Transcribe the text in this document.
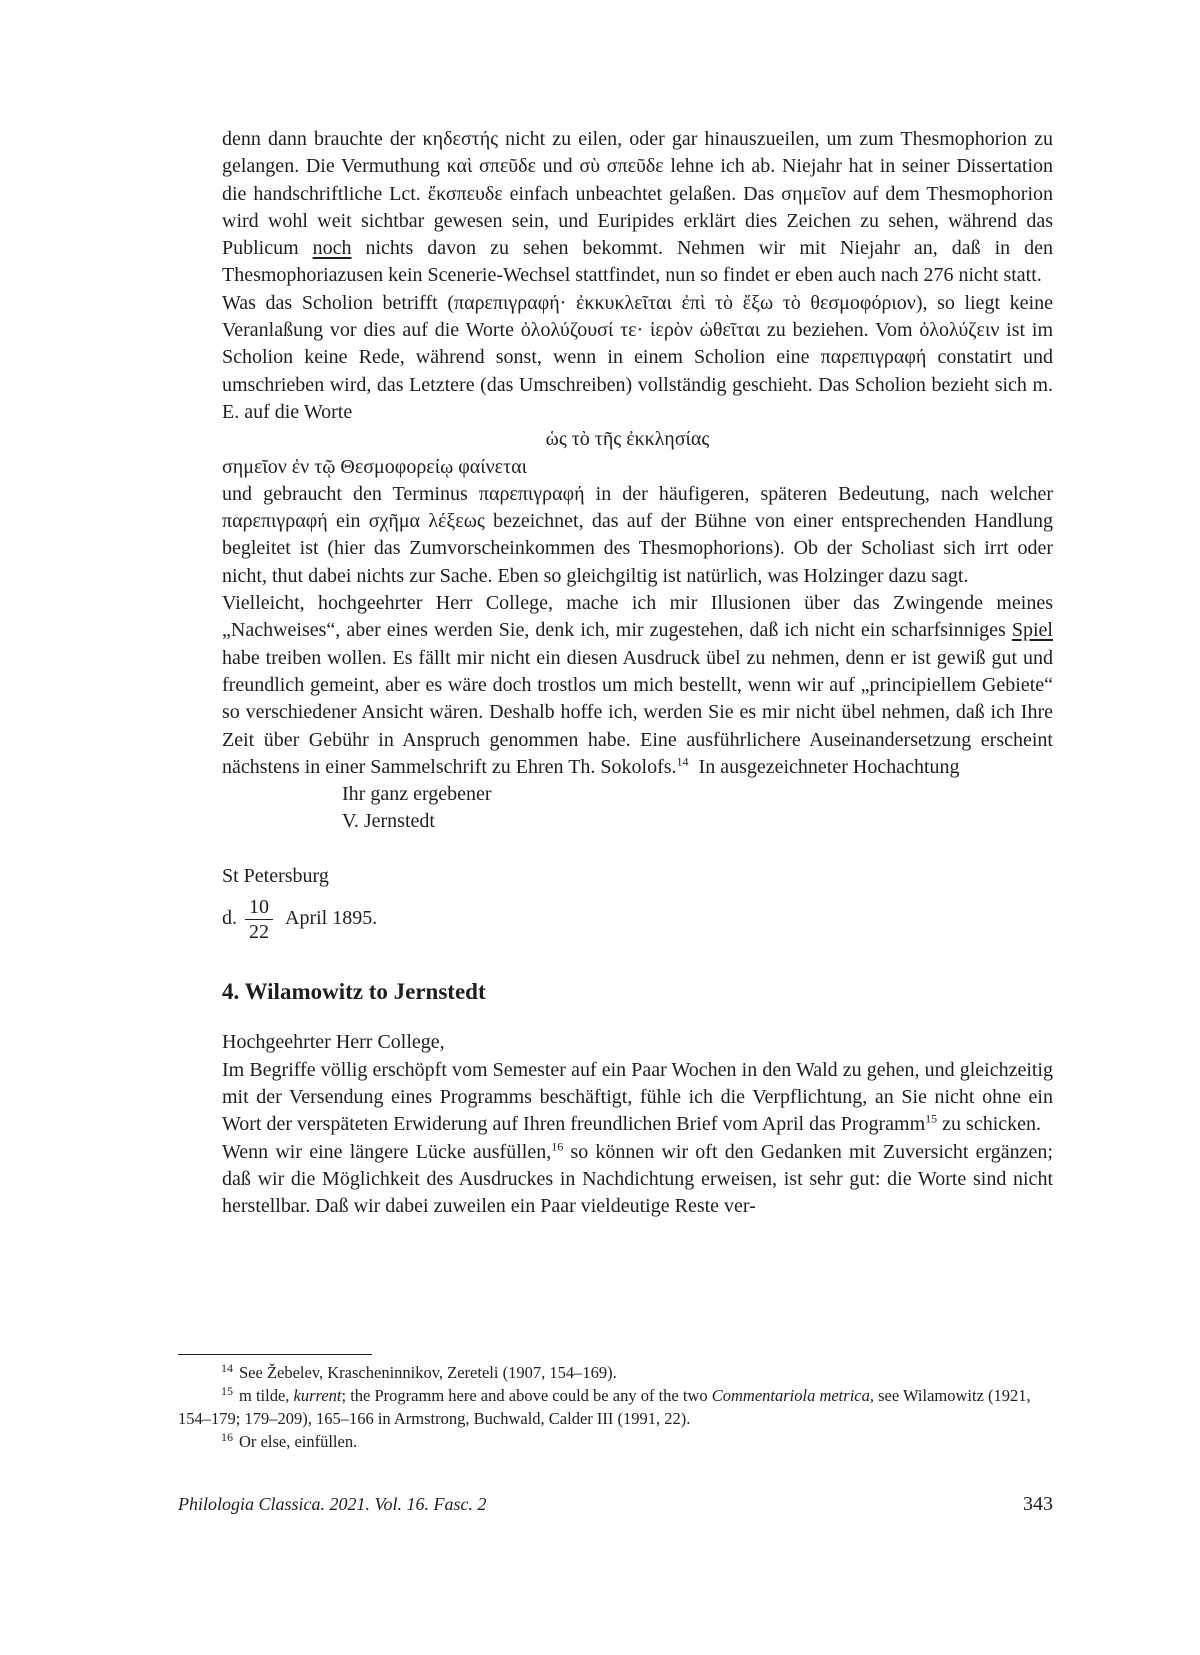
denn dann brauchte der κηδεστής nicht zu eilen, oder gar hinauszueilen, um zum Thesmophorion zu gelangen. Die Vermuthung καὶ σπεῦδε und σὺ σπεῦδε lehne ich ab. Niejahr hat in seiner Dissertation die handschriftliche Lct. ἔκσπευδε einfach unbeachtet gelaßen. Das σημεῖον auf dem Thesmophorion wird wohl weit sichtbar gewesen sein, und Euripides erklärt dies Zeichen zu sehen, während das Publicum noch nichts davon zu sehen bekommt. Nehmen wir mit Niejahr an, daß in den Thesmophoriazusen kein Scenerie-Wechsel stattfindet, nun so findet er eben auch nach 276 nicht statt.

Was das Scholion betrifft (παρεπιγραφή· ἐκκυκλεῖται ἐπὶ τὸ ἔξω τὸ θεσμοφόριον), so liegt keine Veranlaßung vor dies auf die Worte ὀλολύζουσί τε· ἱερὸν ὠθεῖται zu beziehen. Vom ὀλολύζειν ist im Scholion keine Rede, während sonst, wenn in einem Scholion eine παρεπιγραφή constatirt und umschrieben wird, das Letztere (das Umschreiben) vollständig geschieht. Das Scholion bezieht sich m. E. auf die Worte

ὡς τὸ τῆς ἐκκλησίας

σημεῖον ἐν τῷ Θεσμοφορείῳ φαίνεται

und gebraucht den Terminus παρεπιγραφή in der häufigeren, späteren Bedeutung, nach welcher παρεπιγραφή ein σχῆμα λέξεως bezeichnet, das auf der Bühne von einer entsprechenden Handlung begleitet ist (hier das Zumvorscheinkommen des Thesmophorions). Ob der Scholiast sich irrt oder nicht, thut dabei nichts zur Sache. Eben so gleichgiltig ist natürlich, was Holzinger dazu sagt.

Vielleicht, hochgeehrter Herr College, mache ich mir Illusionen über das Zwingende meines „Nachweises“, aber eines werden Sie, denk ich, mir zugestehen, daß ich nicht ein scharfsinniges Spiel habe treiben wollen. Es fällt mir nicht ein diesen Ausdruck übel zu nehmen, denn er ist gewiß gut und freundlich gemeint, aber es wäre doch trostlos um mich bestellt, wenn wir auf „principiellem Gebiete“ so verschiedener Ansicht wären. Deshalb hoffe ich, werden Sie es mir nicht übel nehmen, daß ich Ihre Zeit über Gebühr in Anspruch genommen habe. Eine ausführlichere Auseinandersetzung erscheint nächstens in einer Sammelschrift zu Ehren Th. Sokolofs.$^{14}$  In ausgezeichneter Hochachtung

Ihr ganz ergebener

V. Jernstedt

St Petersburg

d. $\frac{10}{22}$ April 1895.
4. Wilamowitz to Jernstedt

Hochgeehrter Herr College,

Im Begriffe völlig erschöpft vom Semester auf ein Paar Wochen in den Wald zu gehen, und gleichzeitig mit der Versendung eines Programms beschäftigt, fühle ich die Verpflichtung, an Sie nicht ohne ein Wort der verspäteten Erwiderung auf Ihren freundlichen Brief vom April das Programm$^{15}$ zu schicken.

Wenn wir eine längere Lücke ausfüllen,$^{16}$ so können wir oft den Gedanken mit Zuversicht ergänzen; daß wir die Möglichkeit des Ausdruckes in Nachdichtung erweisen, ist sehr gut: die Worte sind nicht herstellbar. Daß wir dabei zuweilen ein Paar vieldeutige Reste ver-

$^{14}$ See Žebelev, Kraschenіnnikov, Zereteli (1907, 154–169).

$^{15}$ m tilde, kurrent; the Programm here and above could be any of the two Commentariola metrica, see Wilamowitz (1921, 154–179; 179–209), 165–166 in Armstrong, Buchwald, Calder III (1991, 22).

$^{16}$ Or else, einfüllen.

Philologia Classica. 2021. Vol. 16. Fasc. 2	343
